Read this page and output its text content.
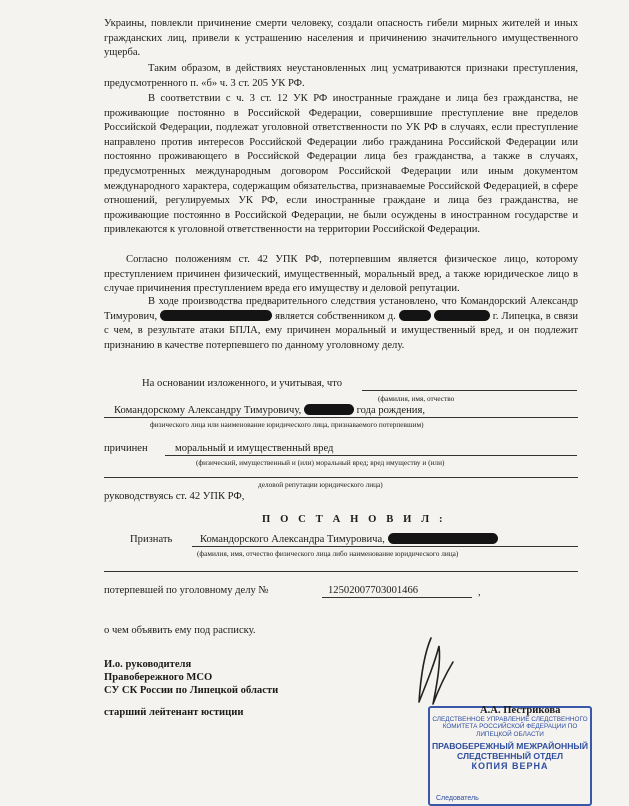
Украины, повлекли причинение смерти человеку, создали опасность гибели мирных жителей и иных гражданских лиц, привели к устрашению населения и причинению значительного имущественного ущерба.

Таким образом, в действиях неустановленных лиц усматриваются признаки преступления, предусмотренного п. «б» ч. 3 ст. 205 УК РФ.

В соответствии с ч. 3 ст. 12 УК РФ иностранные граждане и лица без гражданства, не проживающие постоянно в Российской Федерации, совершившие преступление вне пределов Российской Федерации, подлежат уголовной ответственности по УК РФ в случаях, если преступление направлено против интересов Российской Федерации либо гражданина Российской Федерации или постоянно проживающего в Российской Федерации лица без гражданства, а также в случаях, предусмотренных международным договором Российской Федерации или иным документом международного характера, содержащим обязательства, признаваемые Российской Федерацией, в сфере отношений, регулируемых УК РФ, если иностранные граждане и лица без гражданства, не проживающие постоянно в Российской Федерации, не были осуждены в иностранном государстве и привлекаются к уголовной ответственности на территории Российской Федерации.

Согласно положениям ст. 42 УПК РФ, потерпевшим является физическое лицо, которому преступлением причинен физический, имущественный, моральный вред, а также юридическое лицо в случае причинения преступлением вреда его имуществу и деловой репутации.

В ходе производства предварительного следствия установлено, что Командорский Александр Тимурович,	является собственником д.	г. Липецка, в связи с чем, в результате атаки БПЛА, ему причинен моральный и имущественный вред, и он подлежит признанию в качестве потерпевшего по данному уголовному делу.

На основании изложенного, и учитывая, что
(фамилия, имя, отчество
Командорскому Александру Тимуровичу,	года рождения,
физического лица или наименование юридического лица, признаваемого потерпевшим)
причинен	моральный и имущественный вред
(физический, имущественный и (или) моральный вред; вред имуществу и (или)
деловой репутации юридического лица)
руководствуясь ст. 42 УПК РФ,
П О С Т А Н О В И Л :
Признать	Командорского Александра Тимуровича,
(фамилия, имя, отчество физического лица либо наименование юридического лица)
потерпевшей по уголовному делу №	12502007703001466	,
о чем объявить ему под расписку.
И.о. руководителя
Правобережного МСО
СУ СК России по Липецкой области
старший лейтенант юстиции
СЛЕДСТВЕННОЕ УПРАВЛЕНИЕ СЛЕДСТВЕННОГО КОМИТЕТА РОССИЙСКОЙ ФЕДЕРАЦИИ ПО ЛИПЕЦКОЙ ОБЛАСТИ
ПРАВОБЕРЕЖНЫЙ МЕЖРАЙОННЫЙ СЛЕДСТВЕННЫЙ ОТДЕЛ
КОПИЯ ВЕРНА
Следователь
А.А. Пестрикова
